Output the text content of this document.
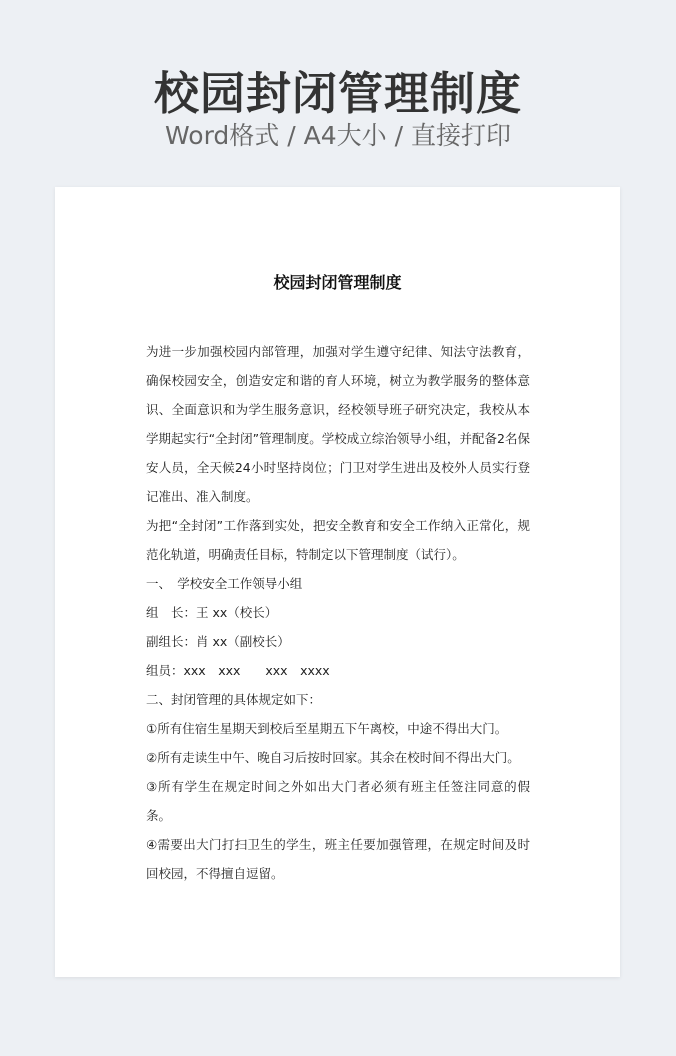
校园封闭管理制度
Word格式 / A4大小 / 直接打印
校园封闭管理制度

为进一步加强校园内部管理，加强对学生遵守纪律、知法守法教育，确保校园安全，创造安定和谐的育人环境，树立为教学服务的整体意识、全面意识和为学生服务意识，经校领导班子研究决定，我校从本学期起实行“全封闭”管理制度。学校成立综治领导小组，并配备2名保安人员，全天候24小时坚持岗位；门卫对学生进出及校外人员实行登记准出、准入制度。

为把“全封闭”工作落到实处，把安全教育和安全工作纳入正常化，规范化轨道，明确责任目标，特制定以下管理制度（试行）。

一、　学校安全工作领导小组

组　长：王 xx（校长）

副组长：肖 xx（副校长）

组员：xxx　xxx　　xxx　xxxx

二、封闭管理的具体规定如下：

①所有住宿生星期天到校后至星期五下午离校，中途不得出大门。

②所有走读生中午、晚自习后按时回家。其余在校时间不得出大门。

③所有学生在规定时间之外如出大门者必须有班主任签注同意的假条。

④需要出大门打扫卫生的学生，班主任要加强管理，在规定时间及时回校园，不得擅自逗留。
